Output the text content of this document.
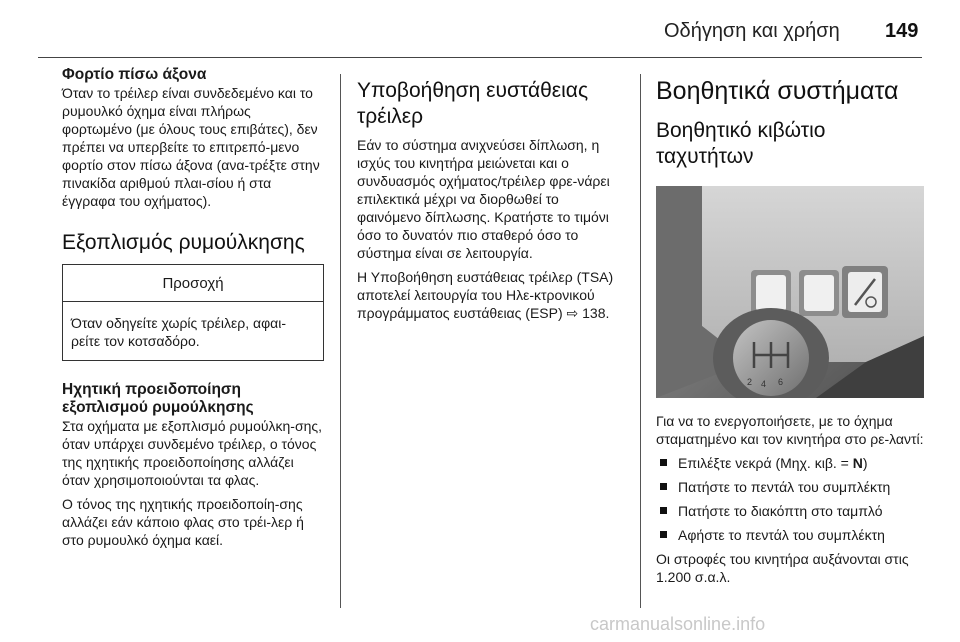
Οδήγηση και χρήση 149
Φορτίο πίσω άξονα

Όταν το τρέιλερ είναι συνδεδεμένο και το ρυμουλκό όχημα είναι πλήρως φορτωμένο (με όλους τους επιβάτες), δεν πρέπει να υπερβείτε το επιτρεπό-μενο φορτίο στον πίσω άξονα (ανα-τρέξτε στην πινακίδα αριθμού πλαι-σίου ή στα έγγραφα του οχήματος).

Εξοπλισμός ρυμούλκησης
Προσοχή
Όταν οδηγείτε χωρίς τρέιλερ, αφαι-ρείτε τον κοτσαδόρο.
Ηχητική προειδοποίηση εξοπλισμού ρυμούλκησης

Στα οχήματα με εξοπλισμό ρυμούλκη-σης, όταν υπάρχει συνδεμένο τρέιλερ, ο τόνος της ηχητικής προειδοποίησης αλλάζει όταν χρησιμοποιούνται τα φλας.

Ο τόνος της ηχητικής προειδοποίη-σης αλλάζει εάν κάποιο φλας στο τρέι-λερ ή στο ρυμουλκό όχημα καεί.

Υποβοήθηση ευστάθειας τρέιλερ

Εάν το σύστημα ανιχνεύσει δίπλωση, η ισχύς του κινητήρα μειώνεται και ο συνδυασμός οχήματος/τρέιλερ φρε-νάρει επιλεκτικά μέχρι να διορθωθεί το φαινόμενο δίπλωσης. Κρατήστε το τιμόνι όσο το δυνατόν πιο σταθερό όσο το σύστημα είναι σε λειτουργία.

Η Υποβοήθηση ευστάθειας τρέιλερ (TSA) αποτελεί λειτουργία του Ηλε-κτρονικού προγράμματος ευστάθειας (ESP) ⇨ 138.

Βοηθητικά συστήματα
Βοηθητικό κιβώτιο ταχυτήτων
2 4 6

Για να το ενεργοποιήσετε, με το όχημα σταματημένο και τον κινητήρα στο ρε-λαντί:

Επιλέξτε νεκρά (Μηχ. κιβ. = N)
Πατήστε το πεντάλ του συμπλέκτη
Πατήστε το διακόπτη στο ταμπλό
Αφήστε το πεντάλ του συμπλέκτη

Οι στροφές του κινητήρα αυξάνονται στις 1.200 σ.α.λ.

carmanualsonline.info
